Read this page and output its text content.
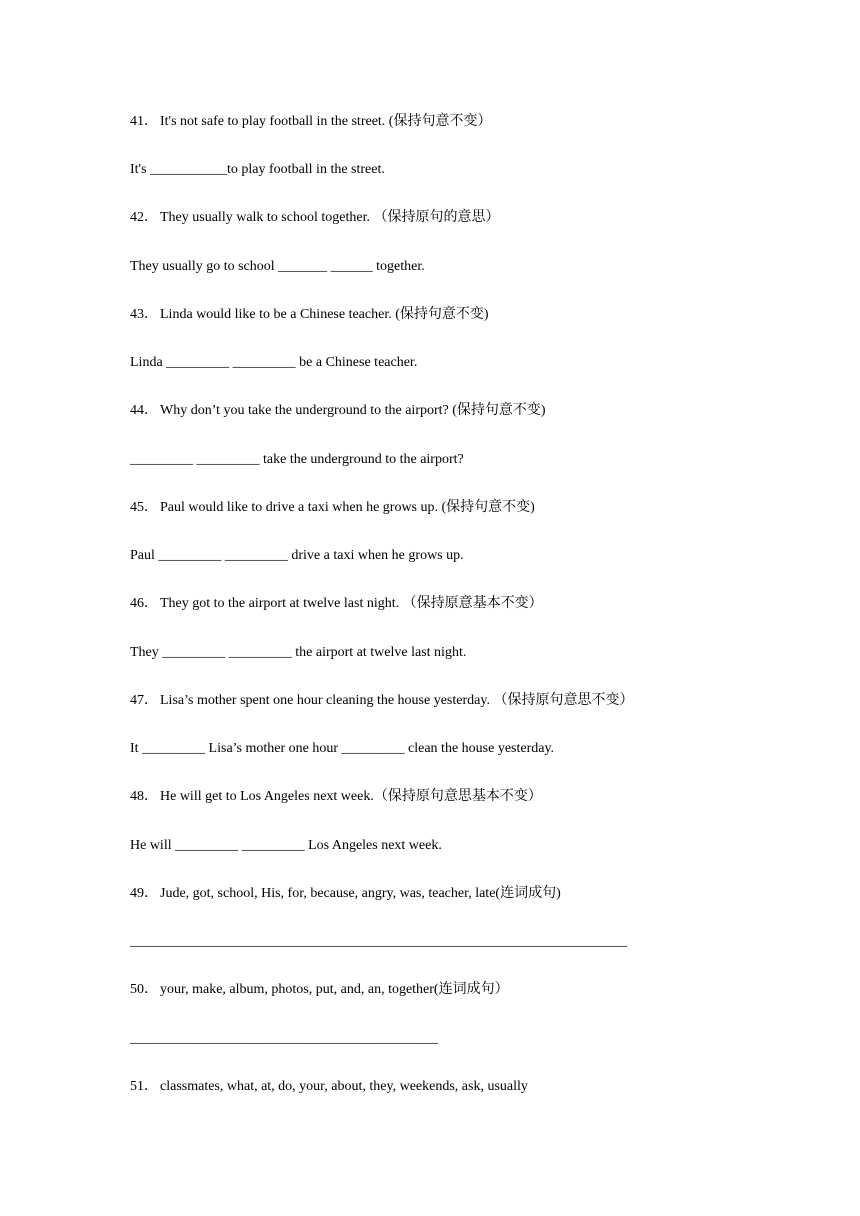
41． It's not safe to play football in the street. (保持句意不变）
It's ___________to play football in the street.
42． They usually walk to school together. （保持原句的意思）
They usually go to school _______ ______ together.
43． Linda would like to be a Chinese teacher. (保持句意不变)
Linda _________ _________ be a Chinese teacher.
44． Why don’t you take the underground to the airport? (保持句意不变)
_________ _________ take the underground to the airport?
45． Paul would like to drive a taxi when he grows up. (保持句意不变)
Paul _________ _________ drive a taxi when he grows up.
46． They got to the airport at twelve last night. （保持原意基本不变）
They _________ _________ the airport at twelve last night.
47． Lisa’s mother spent one hour cleaning the house yesterday. （保持原句意思不变）
It _________ Lisa’s mother one hour _________ clean the house yesterday.
48． He will get to Los Angeles next week.（保持原句意思基本不变）
He will _________ _________ Los Angeles next week.
49． Jude, got, school, His, for, because, angry, was, teacher, late(连词成句)
_______________________________________________________________________
50． your, make, album, photos, put, and, an, together(连词成句）
____________________________________________
51． classmates, what, at, do, your, about, they, weekends, ask, usually
